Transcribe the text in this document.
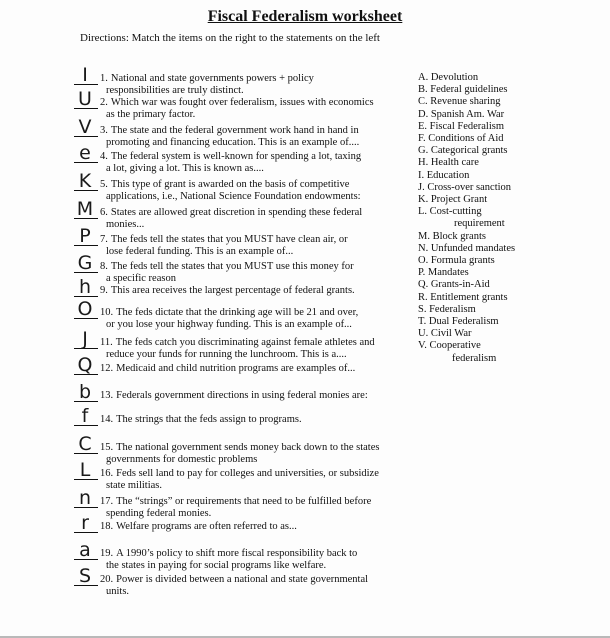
Fiscal Federalism worksheet
Directions: Match the items on the right to the statements on the left
I	1. National and state governments powers + policy
responsibilities are truly distinct.
U 2. Which war was fought over federalism, issues with economics
as the primary factor.
V 3. The state and the federal government work hand in hand in
promoting and financing education. This is an example of....
e 4. The federal system is well-known for spending a lot, taxing
a lot, giving a lot. This is known as....
K 5. This type of grant is awarded on the basis of competitive
applications, i.e., National Science Foundation endowments:
M 6. States are allowed great discretion in spending these federal
monies...
P 7. The feds tell the states that you MUST have clean air, or
lose federal funding. This is an example of...
G 8. The feds tell the states that you MUST use this money for
a specific reason
h 9. This area receives the largest percentage of federal grants.
O 10. The feds dictate that the drinking age will be 21 and over,
or you lose your highway funding. This is an example of...
J	11. The feds catch you discriminating against female athletes and
reduce your funds for running the lunchroom. This is a....
Q 12. Medicaid and child nutrition programs are examples of...
b 13. Federals government directions in using federal monies are:
f	14. The strings that the feds assign to programs.
C 15. The national government sends money back down to the states
governments for domestic problems
L 16. Feds sell land to pay for colleges and universities, or subsidize
state militias.
n 17. The “strings” or requirements that need to be fulfilled before
spending federal monies.
r	18. Welfare programs are often referred to as...
a 19. A 1990’s policy to shift more fiscal responsibility back to
the states in paying for social programs like welfare.
S 20. Power is divided between a national and state governmental
units.
A. Devolution
B. Federal guidelines
C. Revenue sharing
D. Spanish Am. War
E. Fiscal Federalism
F. Conditions of Aid
G. Categorical grants
H. Health care
I. Education
J. Cross-over sanction
K. Project Grant
L. Cost-cutting
requirement
M. Block grants
N. Unfunded mandates
O. Formula grants
P. Mandates
Q. Grants-in-Aid
R. Entitlement grants
S. Federalism
T. Dual Federalism
U. Civil War
V. Cooperative
federalism
